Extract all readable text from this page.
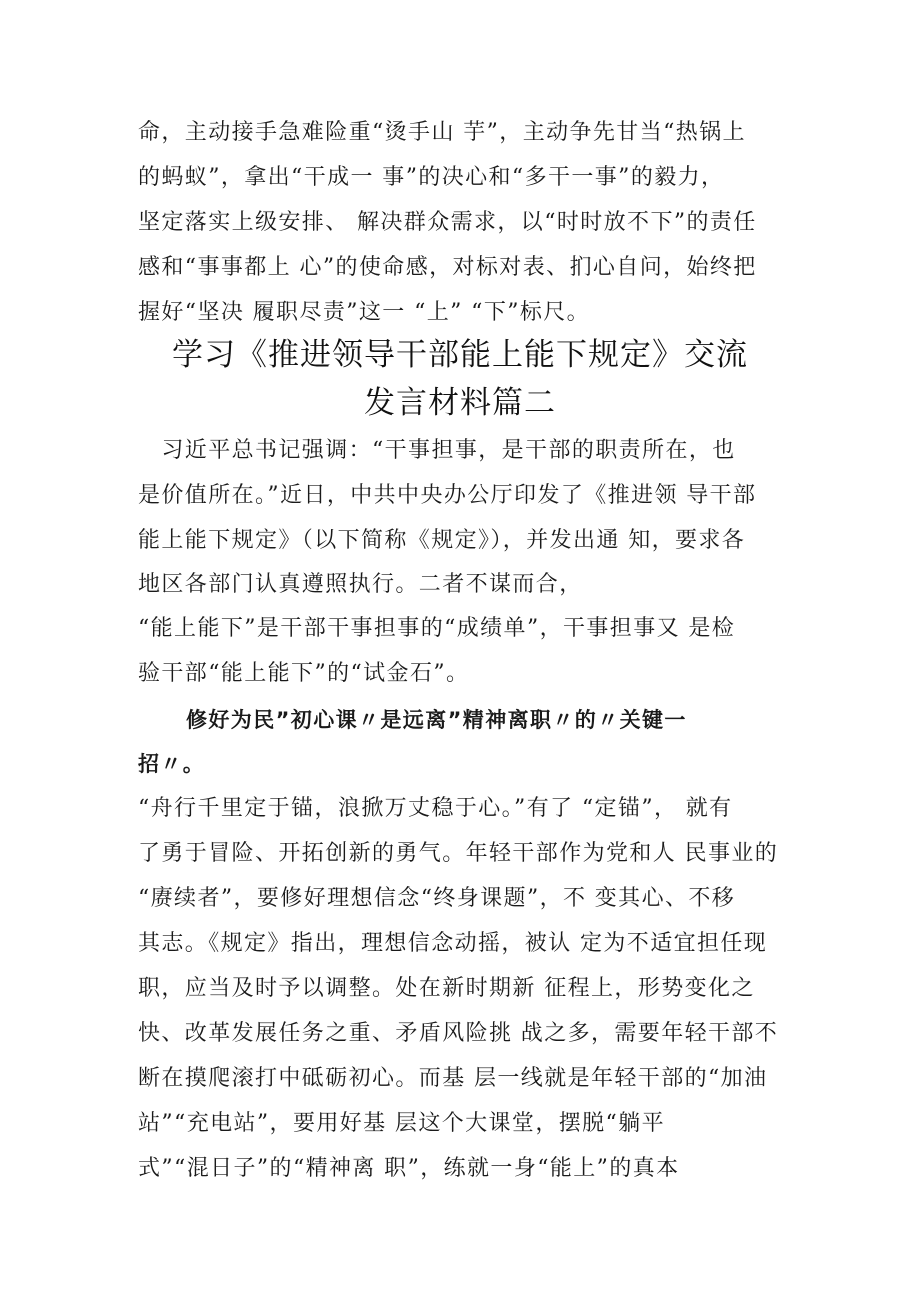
命，主动接手急难险重“烫手山 芋”，主动争先甘当“热锅上
的蚂蚁”，拿出“干成一 事”的决心和“多干一事”的毅力，
坚定落实上级安排、 解决群众需求，以“时时放不下”的责任
感和“事事都上 心”的使命感，对标对表、扪心自问，始终把
握好“坚决 履职尽责”这一 “上” “下”标尺。
学习《推进领导干部能上能下规定》交流
发言材料篇二
　习近平总书记强调：“干事担事，是干部的职责所在，也
是价值所在。”近日，中共中央办公厅印发了《推进领 导干部
能上能下规定》（以下简称《规定》），并发出通 知，要求各
地区各部门认真遵照执行。二者不谋而合，
“能上能下”是干部干事担事的“成绩单”，干事担事又 是检
验干部“能上能下”的“试金石”。
修好为民”初心课〃是远离”精神离职〃的〃关键一
招〃。
“舟行千里定于锚，浪掀万丈稳于心。”有了 “定锚”， 就有
了勇于冒险、开拓创新的勇气。年轻干部作为党和人 民事业的
“赓续者”，要修好理想信念“终身课题”，不 变其心、不移
其志。《规定》指出，理想信念动摇，被认 定为不适宜担任现
职，应当及时予以调整。处在新时期新 征程上，形势变化之
快、改革发展任务之重、矛盾风险挑 战之多，需要年轻干部不
断在摸爬滚打中砥砺初心。而基 层一线就是年轻干部的“加油
站”“充电站”，要用好基 层这个大课堂，摆脱“躺平
式”“混日子”的“精神离 职”，练就一身“能上”的真本
